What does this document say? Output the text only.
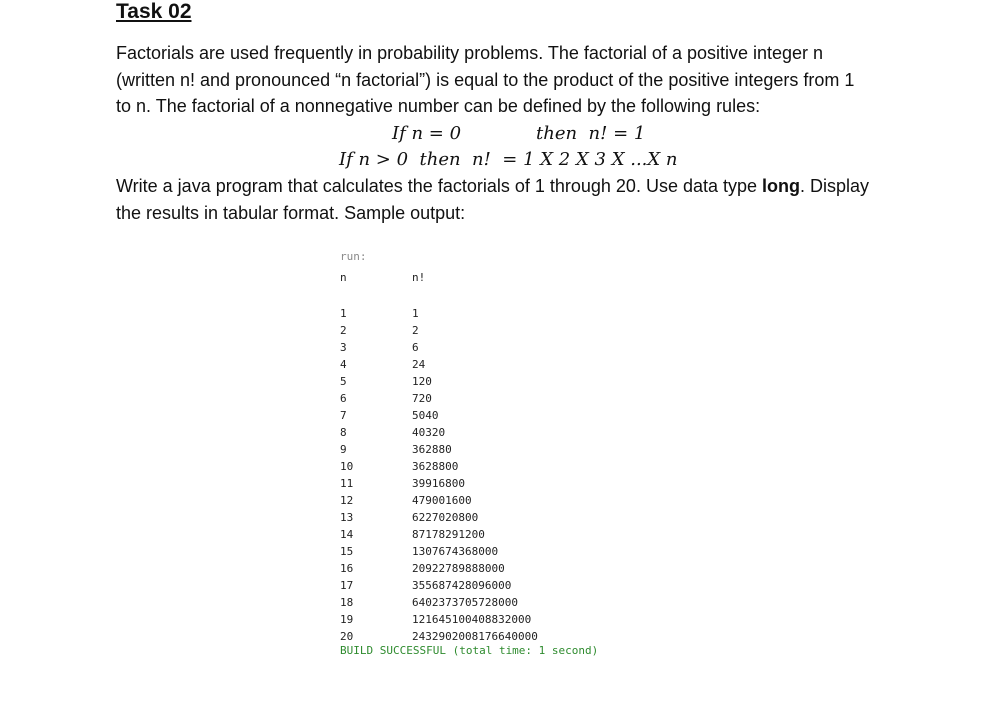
Task 02
Factorials are used frequently in probability problems. The factorial of a positive integer n
(written n! and pronounced “n factorial”) is equal to the product of the positive integers from 1
to n. The factorial of a nonnegative number can be defined by the following rules:
If n = 0	then  n! = 1
If n > 0  then  n!  = 1 X 2 X 3 X ...X n
Write a java program that calculates the factorials of 1 through 20. Use data type long. Display
the results in tabular format. Sample output:
run:
n	n!
1	1
2	2
3	6
4	24
5	120
6	720
7	5040
8	40320
9	362880
10	3628800
11	39916800
12	479001600
13	6227020800
14	87178291200
15	1307674368000
16	20922789888000
17	355687428096000
18	6402373705728000
19	121645100408832000
20	2432902008176640000
BUILD SUCCESSFUL (total time: 1 second)
